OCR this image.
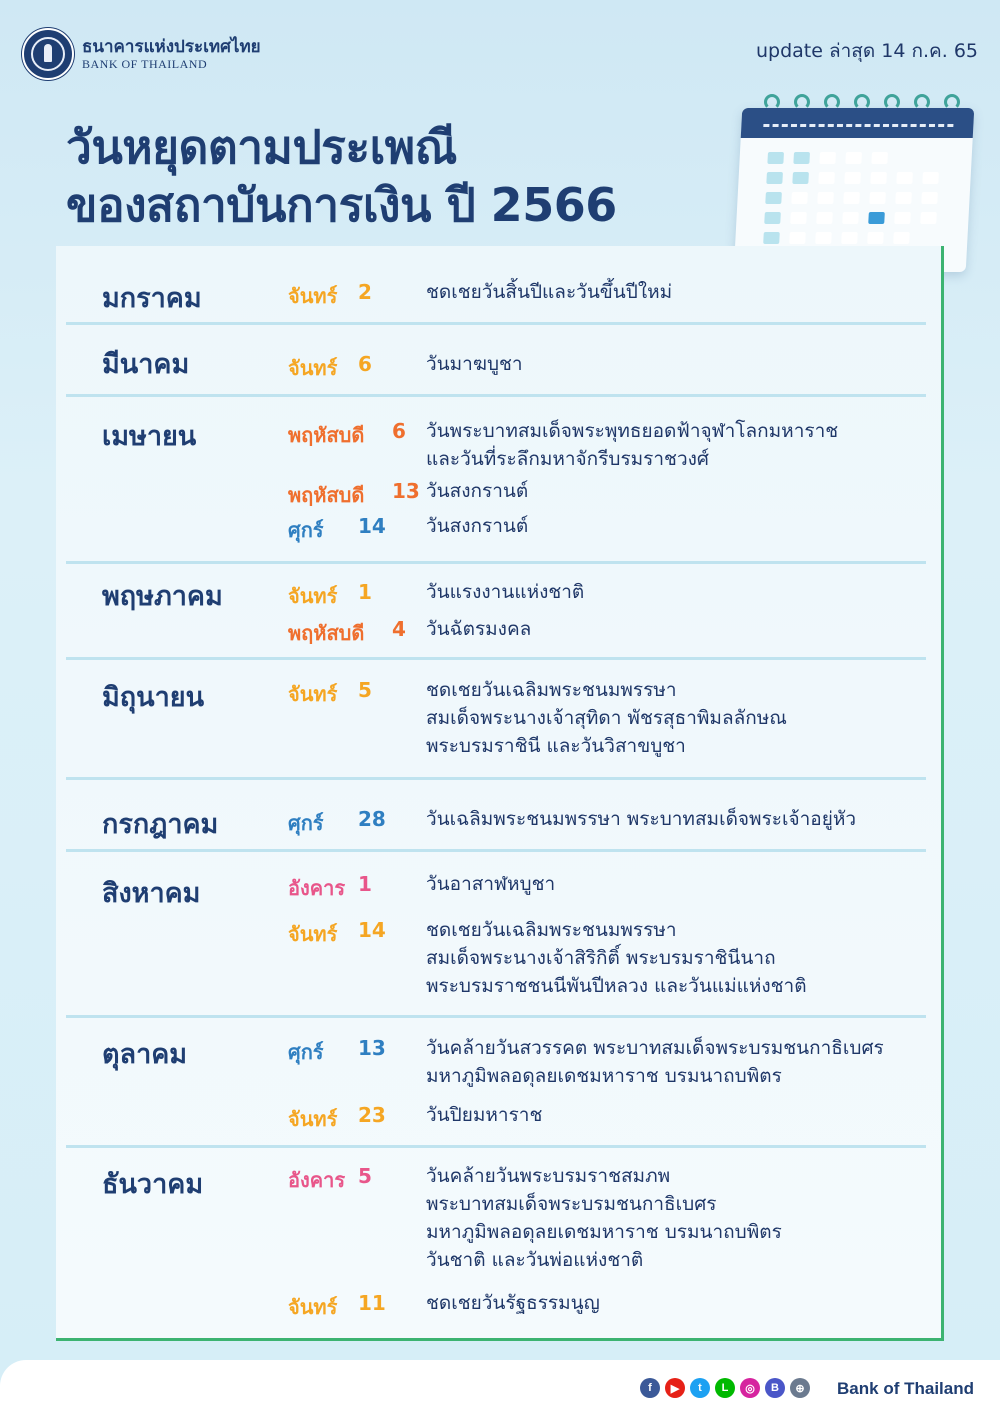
ธนาคารแห่งประเทศไทย
BANK OF THAILAND
update ล่าสุด 14 ก.ค. 65
วันหยุดตามประเพณี
ของสถาบันการเงิน ปี 2566
มกราคม	จันทร์ 2	ชดเชยวันสิ้นปีและวันขึ้นปีใหม่
มีนาคม	จันทร์ 6	วันมาฆบูชา
เมษายน	พฤหัสบดี 6 วันพระบาทสมเด็จพระพุทธยอดฟ้าจุฬาโลกมหาราช
และวันที่ระลึกมหาจักรีบรมราชวงศ์
พฤหัสบดี 13 วันสงกรานต์
ศุกร์ 14 วันสงกรานต์
พฤษภาคม	จันทร์ 1	วันแรงงานแห่งชาติ
พฤหัสบดี 4 วันฉัตรมงคล
มิถุนายน	จันทร์ 5	ชดเชยวันเฉลิมพระชนมพรรษา
สมเด็จพระนางเจ้าสุทิดา พัชรสุธาพิมลลักษณ
พระบรมราชินี และวันวิสาขบูชา
กรกฎาคม	ศุกร์ 28 วันเฉลิมพระชนมพรรษา พระบาทสมเด็จพระเจ้าอยู่หัว
สิงหาคม	อังคาร 1	วันอาสาฬหบูชา
จันทร์ 14 ชดเชยวันเฉลิมพระชนมพรรษา
สมเด็จพระนางเจ้าสิริกิติ์ พระบรมราชินีนาถ
พระบรมราชชนนีพันปีหลวง และวันแม่แห่งชาติ
ตุลาคม	ศุกร์ 13 วันคล้ายวันสวรรคต พระบาทสมเด็จพระบรมชนกาธิเบศร
มหาภูมิพลอดุลยเดชมหาราช บรมนาถบพิตร
จันทร์ 23 วันปิยมหาราช
ธันวาคม	อังคาร 5	วันคล้ายวันพระบรมราชสมภพ
พระบาทสมเด็จพระบรมชนกาธิเบศร
มหาภูมิพลอดุลยเดชมหาราช บรมนาถบพิตร
วันชาติ และวันพ่อแห่งชาติ
จันทร์ 11 ชดเชยวันรัฐธรรมนูญ
f	▶	t	L	◎	B	⊕	Bank of Thailand
